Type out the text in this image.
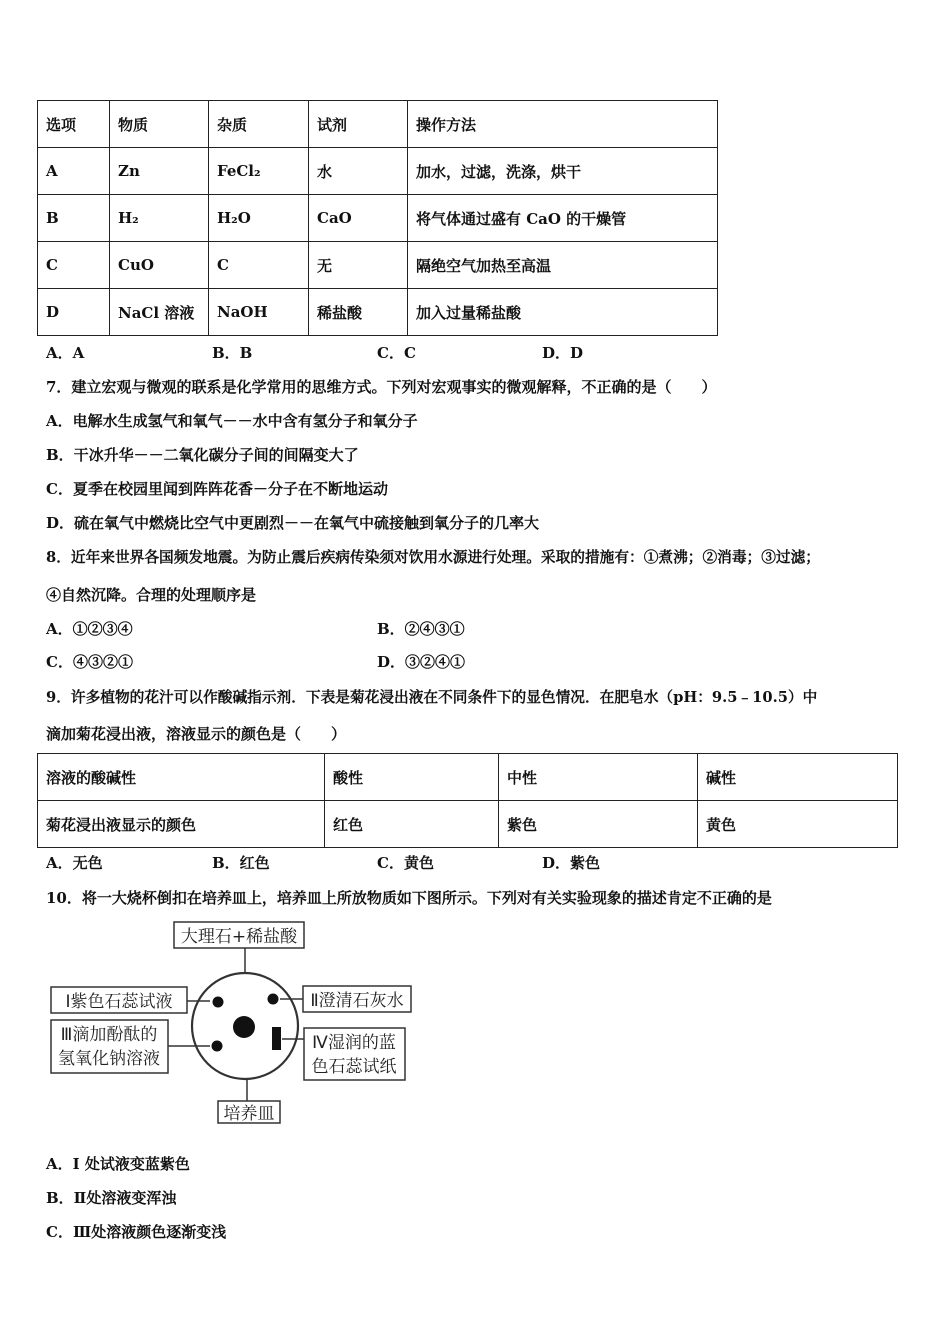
选项	物质	杂质	试剂	操作方法
A	Zn	FeCl₂	水	加水，过滤，洗涤，烘干
B	H₂	H₂O	CaO	将气体通过盛有 CaO 的干燥管
C	CuO	C	无	隔绝空气加热至高温
D	NaCl 溶液	NaOH	稀盐酸	加入过量稀盐酸
A．A	B．B	C．C	D．D
7．建立宏观与微观的联系是化学常用的思维方式。下列对宏观事实的微观解释，不正确的是（　　）
A．电解水生成氢气和氧气－－水中含有氢分子和氧分子
B．干冰升华－－二氧化碳分子间的间隔变大了
C．夏季在校园里闻到阵阵花香－分子在不断地运动
D．硫在氧气中燃烧比空气中更剧烈－－在氧气中硫接触到氧分子的几率大
8．近年来世界各国频发地震。为防止震后疾病传染须对饮用水源进行处理。采取的措施有：①煮沸；②消毒；③过滤；
④自然沉降。合理的处理顺序是
A．①②③④	B．②④③①
C．④③②①	D．③②④①
9．许多植物的花汁可以作酸碱指示剂．下表是菊花浸出液在不同条件下的显色情况．在肥皂水（pH：9.5﹣10.5）中
滴加菊花浸出液，溶液显示的颜色是（　　）
溶液的酸碱性	酸性	中性	碱性
菊花浸出液显示的颜色	红色	紫色	黄色
A．无色	B．红色	C．黄色	D．紫色
10．将一大烧杯倒扣在培养皿上，培养皿上所放物质如下图所示。下列对有关实验现象的描述肯定不正确的是
大理石+稀盐酸
Ⅰ紫色石蕊试液
Ⅲ滴加酚酞的
氢氧化钠溶液
Ⅱ澄清石灰水
Ⅳ湿润的蓝
色石蕊试纸
培养皿
A．I 处试液变蓝紫色
B．Ⅱ处溶液变浑浊
C．Ⅲ处溶液颜色逐渐变浅
